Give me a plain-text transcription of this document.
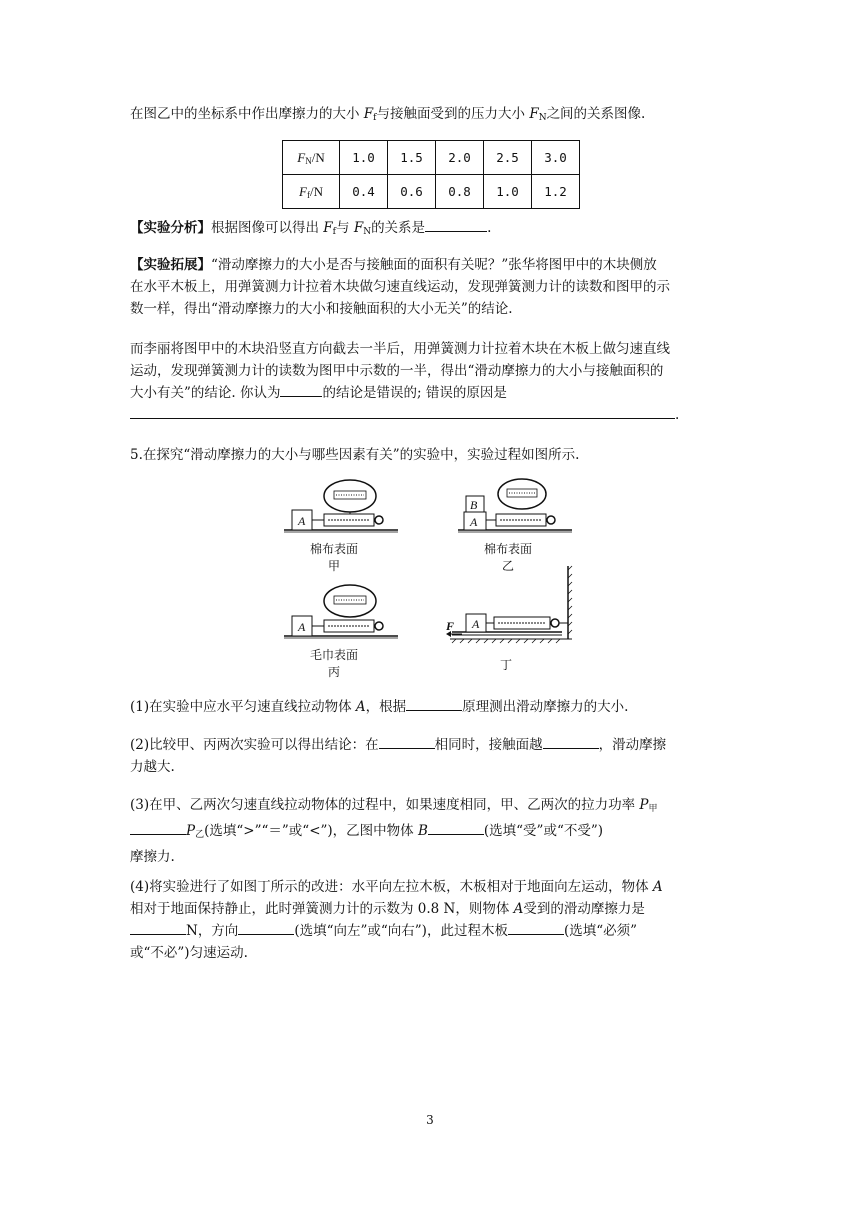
在图乙中的坐标系中作出摩擦力的大小 $F_f$与接触面受到的压力大小 $F_N$之间的关系图像.

$F_N/N$	1.0	1.5	2.0	2.5	3.0
$F_f/N$	0.4	0.6	0.8	1.0	1.2

【实验分析】根据图像可以得出 $F_f$与 $F_N$的关系是	.

【实验拓展】“滑动摩擦力的大小是否与接触面的面积有关呢？”张华将图甲中的木块侧放
在水平木板上，用弹簧测力计拉着木块做匀速直线运动，发现弹簧测力计的读数和图甲的示
数一样，得出“滑动摩擦力的大小和接触面积的大小无关”的结论.

而李丽将图甲中的木块沿竖直方向截去一半后，用弹簧测力计拉着木块在木板上做匀速直线
运动，发现弹簧测力计的读数为图甲中示数的一半，得出“滑动摩擦力的大小与接触面积的
大小有关”的结论. 你认为	的结论是错误的; 错误的原因是
.

5.在探究“滑动摩擦力的大小与哪些因素有关”的实验中，实验过程如图所示.

A
B
A
A	A
F
棉布表面
甲
棉布表面
乙
毛巾表面
丙	丁

(1)在实验中应水平匀速直线拉动物体 A，根据	原理测出滑动摩擦力的大小.

(2)比较甲、丙两次实验可以得出结论：在	相同时，接触面越	，滑动摩擦
力越大.

(3)在甲、乙两次匀速直线拉动物体的过程中，如果速度相同，甲、乙两次的拉力功率 $P_甲$
$P_乙$(选填“>”“＝”或“<”)，乙图中物体 B	(选填“受”或“不受”)
摩擦力.

(4)将实验进行了如图丁所示的改进：水平向左拉木板，木板相对于地面向左运动，物体 A
相对于地面保持静止，此时弹簧测力计的示数为 0.8 N，则物体 A受到的滑动摩擦力是
N，方向	(选填“向左”或“向右”)，此过程木板	(选填“必须”
或“不必”)匀速运动.

3
